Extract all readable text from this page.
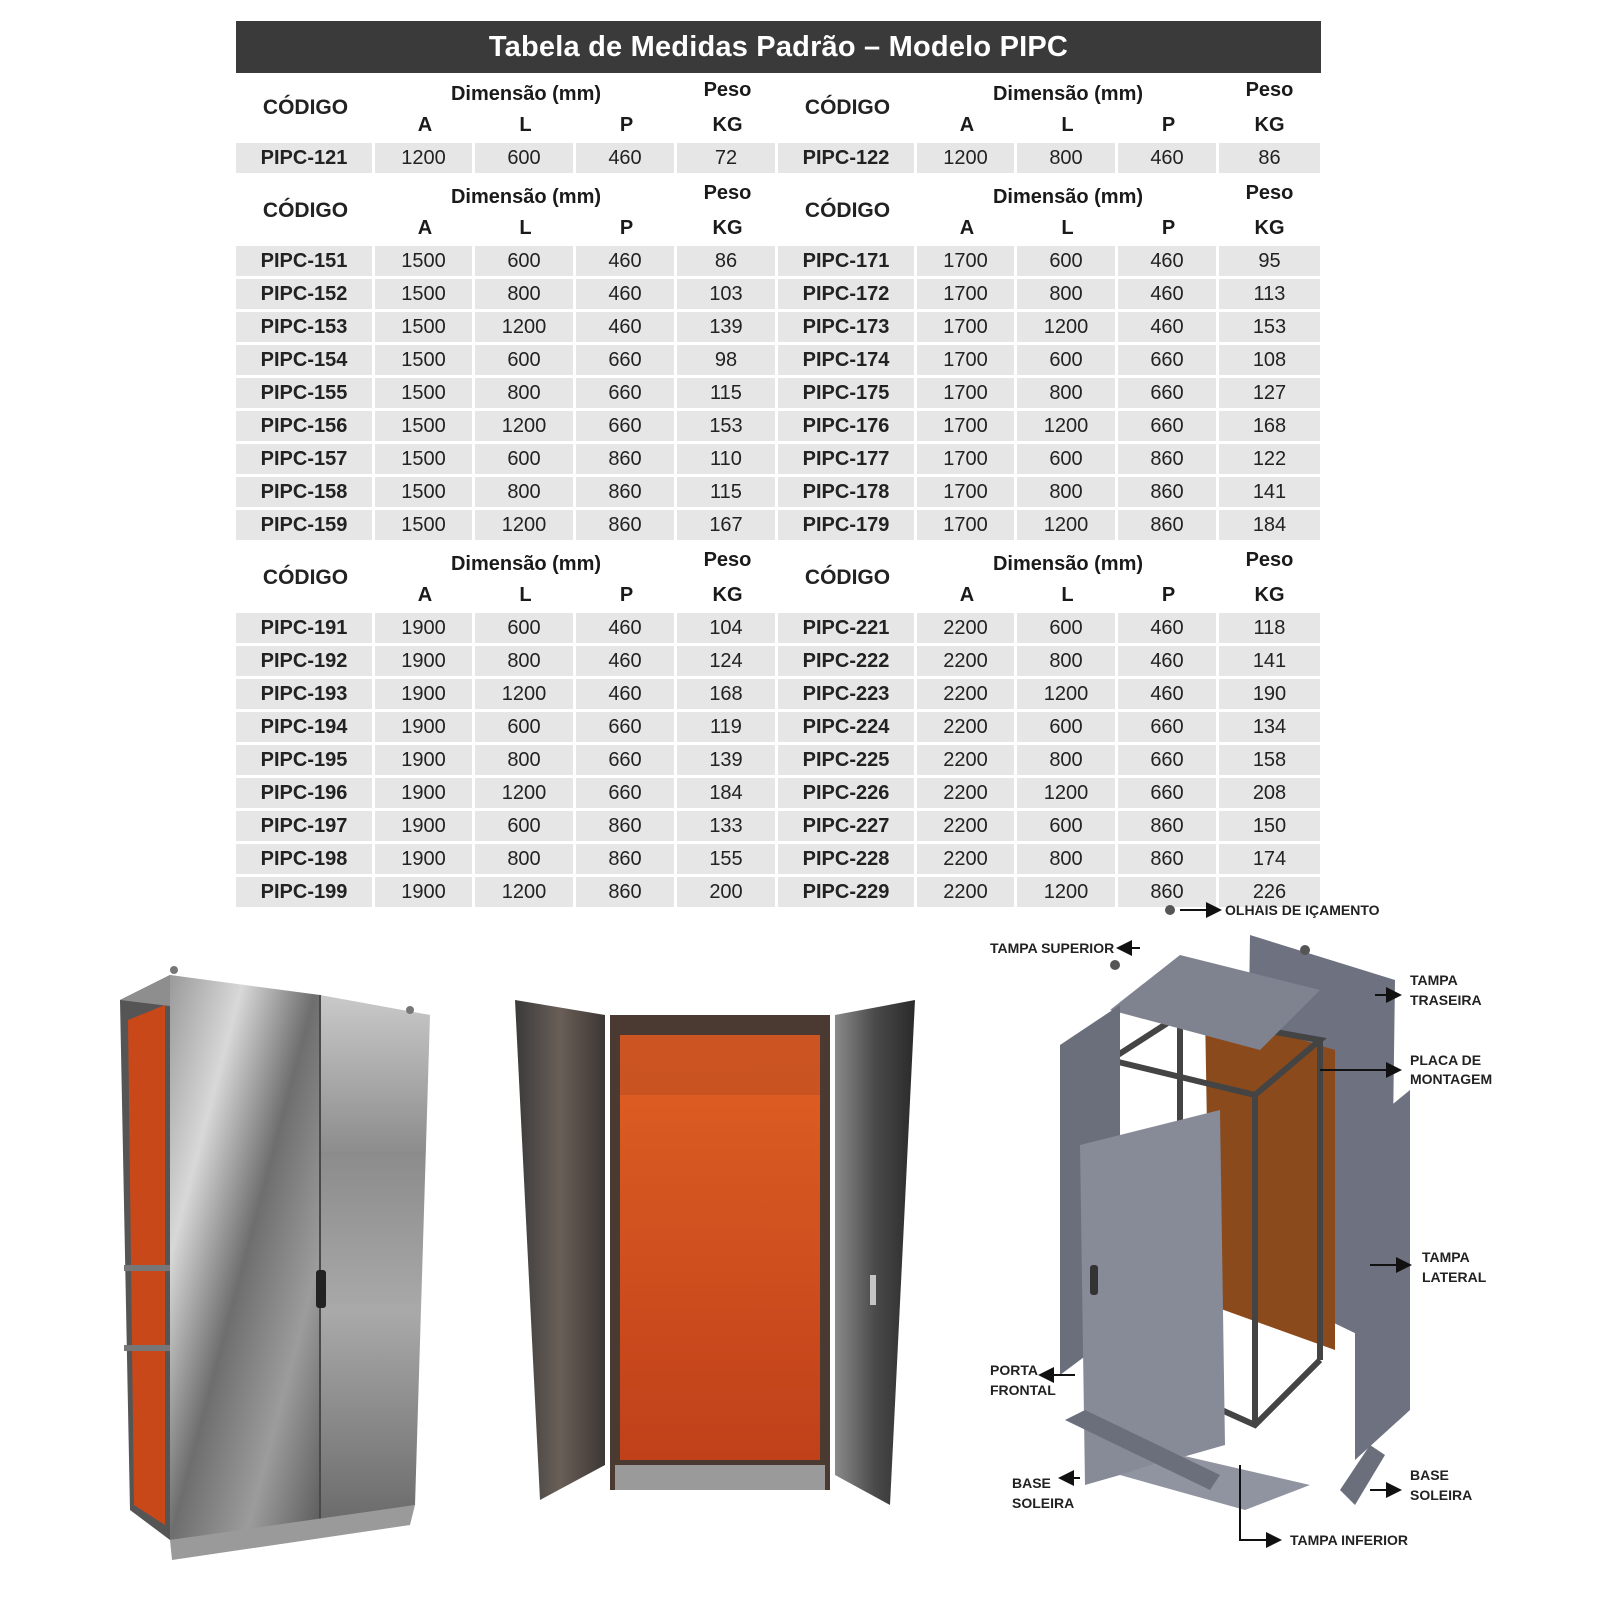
Tabela de Medidas Padrão – Modelo PIPC
CÓDIGO
Dimensão (mm)	Peso
A	L	P	KG
CÓDIGO
Dimensão (mm)	Peso
A	L	P	KG
PIPC-121	1200	600	460	72	PIPC-122	1200	800	460	86
CÓDIGO
Dimensão (mm)	Peso
A	L	P	KG
CÓDIGO
Dimensão (mm)	Peso
A	L	P	KG
PIPC-151	1500	600	460	86	PIPC-171	1700	600	460	95
PIPC-152	1500	800	460	103	PIPC-172	1700	800	460	113
PIPC-153	1500	1200	460	139	PIPC-173	1700	1200	460	153
PIPC-154	1500	600	660	98	PIPC-174	1700	600	660	108
PIPC-155	1500	800	660	115	PIPC-175	1700	800	660	127
PIPC-156	1500	1200	660	153	PIPC-176	1700	1200	660	168
PIPC-157	1500	600	860	110	PIPC-177	1700	600	860	122
PIPC-158	1500	800	860	115	PIPC-178	1700	800	860	141
PIPC-159	1500	1200	860	167	PIPC-179	1700	1200	860	184
CÓDIGO
Dimensão (mm)	Peso
A	L	P	KG
CÓDIGO
Dimensão (mm)	Peso
A	L	P	KG
PIPC-191	1900	600	460	104	PIPC-221	2200	600	460	118
PIPC-192	1900	800	460	124	PIPC-222	2200	800	460	141
PIPC-193	1900	1200	460	168	PIPC-223	2200	1200	460	190
PIPC-194	1900	600	660	119	PIPC-224	2200	600	660	134
PIPC-195	1900	800	660	139	PIPC-225	2200	800	660	158
PIPC-196	1900	1200	660	184	PIPC-226	2200	1200	660	208
PIPC-197	1900	600	860	133	PIPC-227	2200	600	860	150
PIPC-198	1900	800	860	155	PIPC-228	2200	800	860	174
PIPC-199	1900	1200	860	200	PIPC-229	2200	1200	860	226
OLHAIS DE IÇAMENTO
TAMPA SUPERIOR
TAMPA
TRASEIRA
PLACA DE
MONTAGEM
TAMPA
LATERAL
PORTA
FRONTAL
BASE
SOLEIRA
BASE
SOLEIRA
TAMPA INFERIOR
